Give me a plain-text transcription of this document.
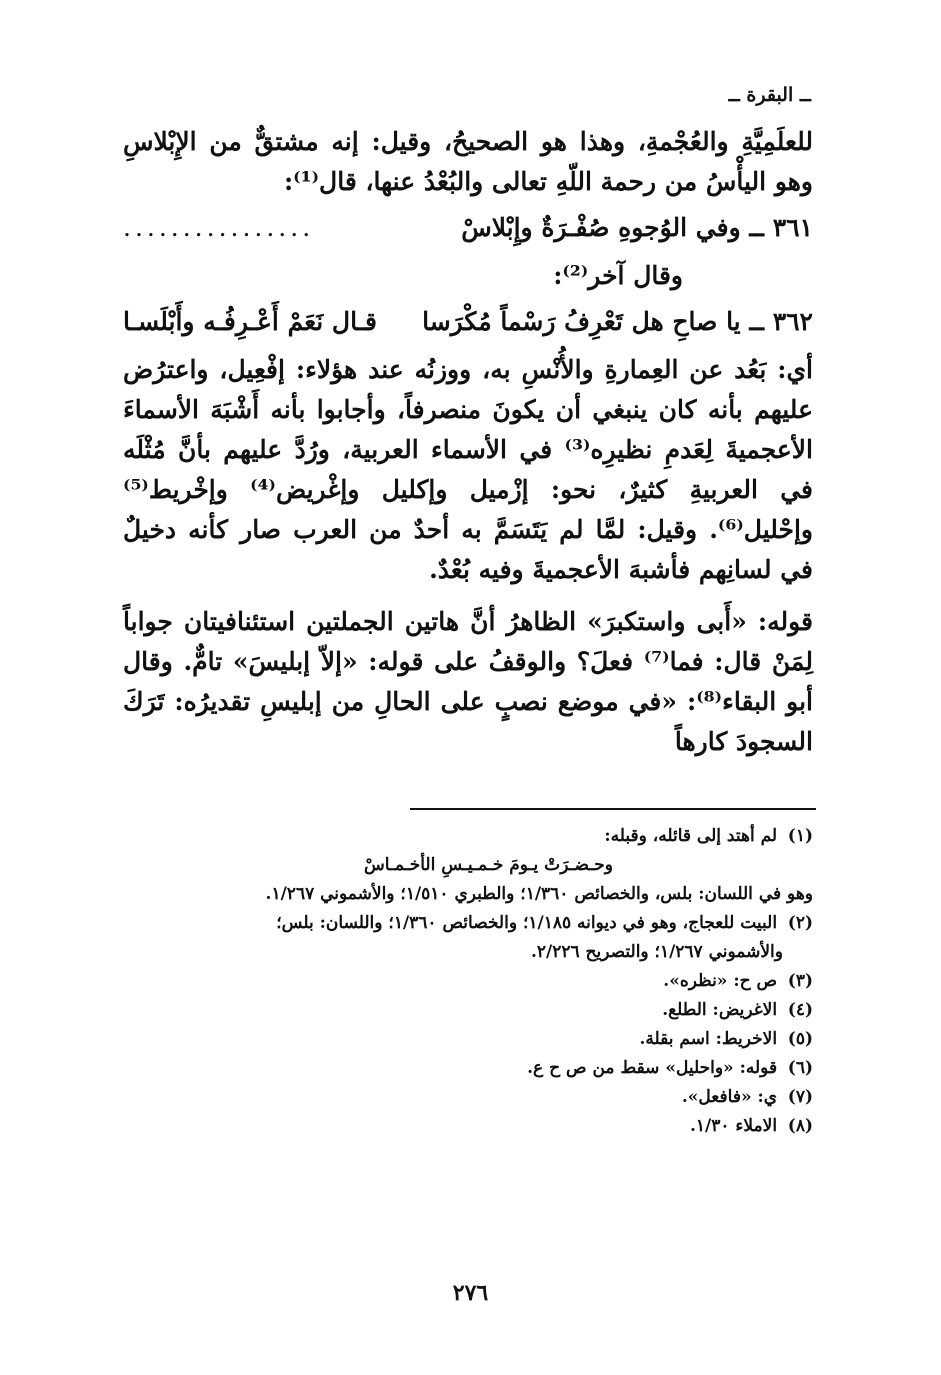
ــ البقرة ــ

للعلَمِيَّةِ والعُجْمةِ، وهذا هو الصحيحُ، وقيل: إنه مشتقٌّ من الإِبْلاسِ وهو اليأْسُ من رحمة اللّهِ تعالى والبُعْدُ عنها، قال⁽¹⁾:

٣٦١ ــ وفي الوُجوهِ صُفْـرَةٌ وإِبْلاسْ
................

وقال آخر⁽²⁾:

٣٦٢ ــ يا صاحِ هل تَعْرِفُ رَسْماً مُكْرَسا
قـال نَعَمْ أَعْـرِفُـه وأَبْلَسـا

أي: بَعُد عن العِمارةِ والأُنْسِ به، ووزنُه عند هؤلاء: إفْعِيل، واعترُض عليهم بأنه كان ينبغي أن يكونَ منصرفاً، وأجابوا بأنه أَشْبَهَ الأسماءَ الأعجميةَ لِعَدمِ نظيرِه⁽³⁾ في الأسماء العربية، ورُدَّ عليهم بأنَّ مُثْلَه في العربيةِ كثيرٌ، نحو: إزْميل وإكليل وإغْريض⁽⁴⁾ وإخْريط⁽⁵⁾ وإحْليل⁽⁶⁾. وقيل: لمَّا لم يَتَسَمَّ به أحدٌ من العرب صار كأنه دخيلٌ في لسانِهم فأشبهَ الأعجميةَ وفيه بُعْدٌ.

قوله: «أَبى واستكبرَ» الظاهرُ أنَّ هاتين الجملتين استئنافيتان جواباً لِمَنْ قال: فما⁽⁷⁾ فعلَ؟ والوقفُ على قوله: «إلاّ إبليسَ» تامٌّ. وقال أبو البقاء⁽⁸⁾: «في موضع نصبٍ على الحالِ من إبليسِ تقديرُه: تَرَكَ السجودَ كارهاً

(١) لم أهتد إلى قائله، وقبله:

وحـضـرَتْ يـومَ خـمـيـسِ الأخـمـاسْ

وهو في اللسان: بلس، والخصائص ١/٣٦٠؛ والطبري ١/٥١٠؛ والأشموني ١/٢٦٧.

(٢) البيت للعجاج، وهو في ديوانه ١/١٨٥؛ والخصائص ١/٣٦٠؛ واللسان: بلس؛

والأشموني ١/٢٦٧؛ والتصريح ٢/٢٢٦.

(٣) ص ح: «نظره».

(٤) الاغريض: الطلع.

(٥) الاخريط: اسم بقلة.

(٦) قوله: «واحليل» سقط من ص ح ع.

(٧) ي: «فافعل».

(٨) الاملاء ١/٣٠.

٢٧٦
